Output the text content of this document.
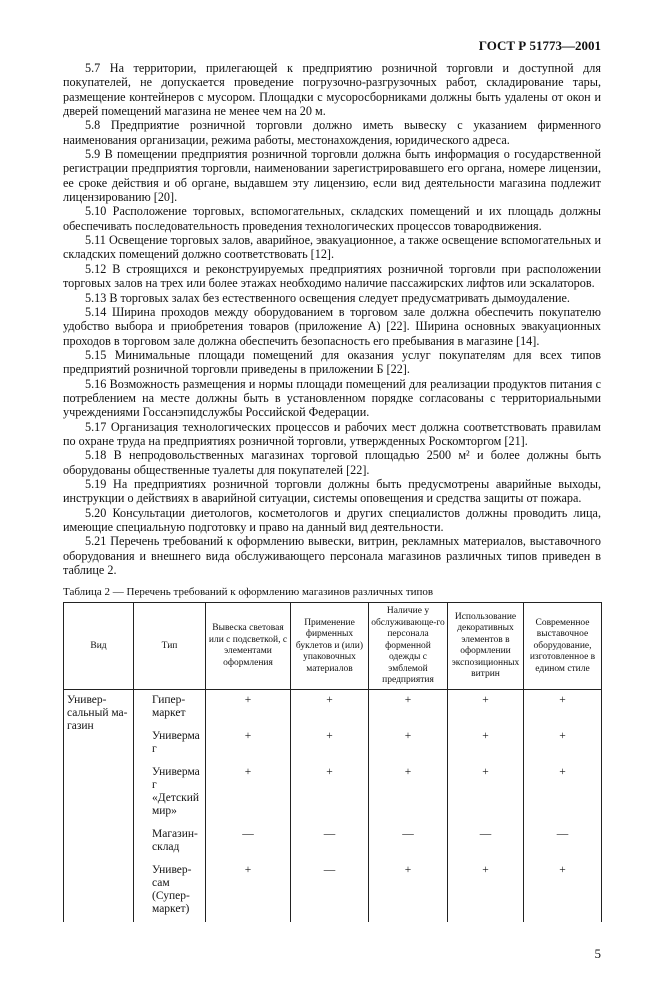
ГОСТ Р 51773—2001

5.7 На территории, прилегающей к предприятию розничной торговли и доступной для покупателей, не допускается проведение погрузочно-разгрузочных работ, складирование тары, размещение контейнеров с мусором. Площадки с мусоросборниками должны быть удалены от окон и дверей помещений магазина не менее чем на 20 м.

5.8 Предприятие розничной торговли должно иметь вывеску с указанием фирменного наименования организации, режима работы, местонахождения, юридического адреса.

5.9 В помещении предприятия розничной торговли должна быть информация о государственной регистрации предприятия торговли, наименовании зарегистрировавшего его органа, номере лицензии, ее сроке действия и об органе, выдавшем эту лицензию, если вид деятельности магазина подлежит лицензированию [20].

5.10 Расположение торговых, вспомогательных, складских помещений и их площадь должны обеспечивать последовательность проведения технологических процессов товародвижения.

5.11 Освещение торговых залов, аварийное, эвакуационное, а также освещение вспомогательных и складских помещений должно соответствовать [12].

5.12 В строящихся и реконструируемых предприятиях розничной торговли при расположении торговых залов на трех или более этажах необходимо наличие пассажирских лифтов или эскалаторов.

5.13 В торговых залах без естественного освещения следует предусматривать дымоудаление.

5.14 Ширина проходов между оборудованием в торговом зале должна обеспечить покупателю удобство выбора и приобретения товаров (приложение А) [22]. Ширина основных эвакуационных проходов в торговом зале должна обеспечить безопасность его пребывания в магазине [14].

5.15 Минимальные площади помещений для оказания услуг покупателям для всех типов предприятий розничной торговли приведены в приложении Б [22].

5.16 Возможность размещения и нормы площади помещений для реализации продуктов питания с потреблением на месте должны быть в установленном порядке согласованы с территориальными учреждениями Госсанэпидслужбы Российской Федерации.

5.17 Организация технологических процессов и рабочих мест должна соответствовать правилам по охране труда на предприятиях розничной торговли, утвержденных Роскомторгом [21].

5.18 В непродовольственных магазинах торговой площадью 2500 м² и более должны быть оборудованы общественные туалеты для покупателей [22].

5.19 На предприятиях розничной торговли должны быть предусмотрены аварийные выходы, инструкции о действиях в аварийной ситуации, системы оповещения и средства защиты от пожара.

5.20 Консультации диетологов, косметологов и других специалистов должны проводить лица, имеющие специальную подготовку и право на данный вид деятельности.

5.21 Перечень требований к оформлению вывески, витрин, рекламных материалов, выставочного оборудования и внешнего вида обслуживающего персонала магазинов различных типов приведен в таблице 2.

Таблица 2 — Перечень требований к оформлению магазинов различных типов
Вид	Тип	Вывеска световая или с подсветкой, с элементами оформления	Применение фирменных буклетов и (или) упаковочных материалов	Наличие у обслуживающе-го персонала форменной одежды с эмблемой предприятия	Использование декоративных элементов в оформлении экспозиционных витрин	Современное выставочное оборудование, изготовленное в едином стиле
Универ-сальный ма-газин	Гипер-маркет	+	+	+	+	+
	Универмаг	+	+	+	+	+
	Универмаг «Детский мир»	+	+	+	+	+
	Магазин-склад	—	—	—	—	—
	Универ-сам (Супер-маркет)	+	—	+	+	+
5
